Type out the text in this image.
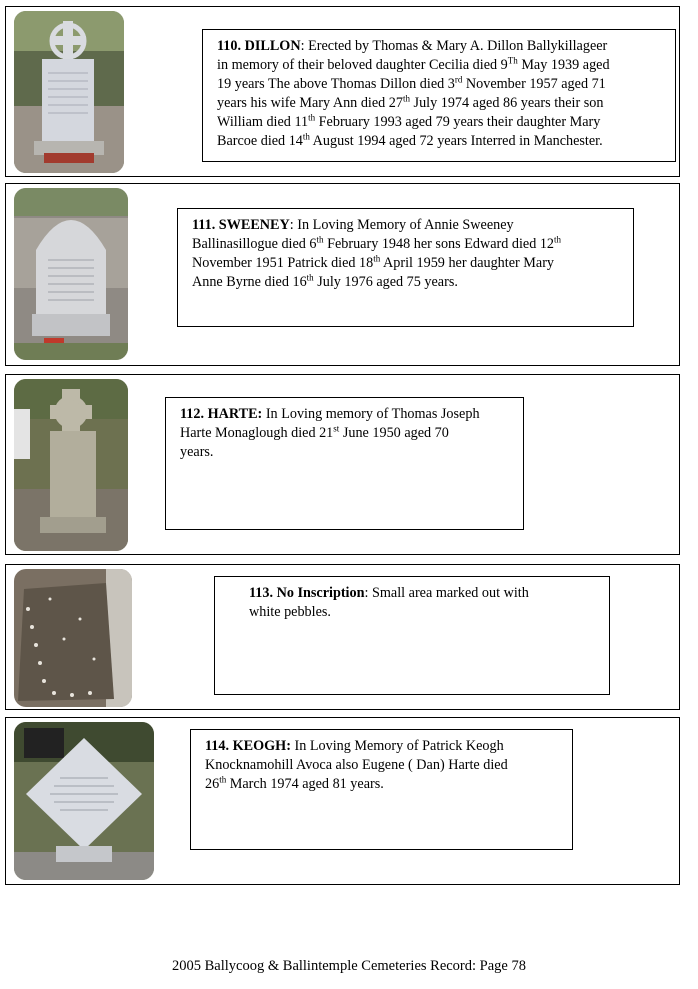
110. DILLON: Erected by Thomas & Mary A. Dillon Ballykillageer
in memory of their beloved daughter Cecilia died 9Th May 1939 aged
19 years The above Thomas Dillon died 3rd November 1957 aged 71
years his wife Mary Ann died 27th July 1974 aged 86 years their son
William died 11th February 1993 aged 79 years their daughter Mary
Barcoe died 14th August 1994 aged 72 years Interred in Manchester.
111. SWEENEY: In Loving Memory of Annie Sweeney
Ballinasillogue died 6th February 1948 her sons Edward died 12th
November 1951 Patrick died 18th April 1959 her daughter Mary
Anne Byrne died 16th July 1976 aged 75 years.
112. HARTE: In Loving memory of Thomas Joseph
Harte Monaglough died 21st June 1950 aged 70
years.
113. No Inscription: Small area marked out with
white pebbles.
114. KEOGH: In Loving Memory of Patrick Keogh
Knocknamohill Avoca also Eugene ( Dan) Harte died
26th March 1974 aged 81 years.
2005 Ballycoog & Ballintemple Cemeteries Record: Page 78
